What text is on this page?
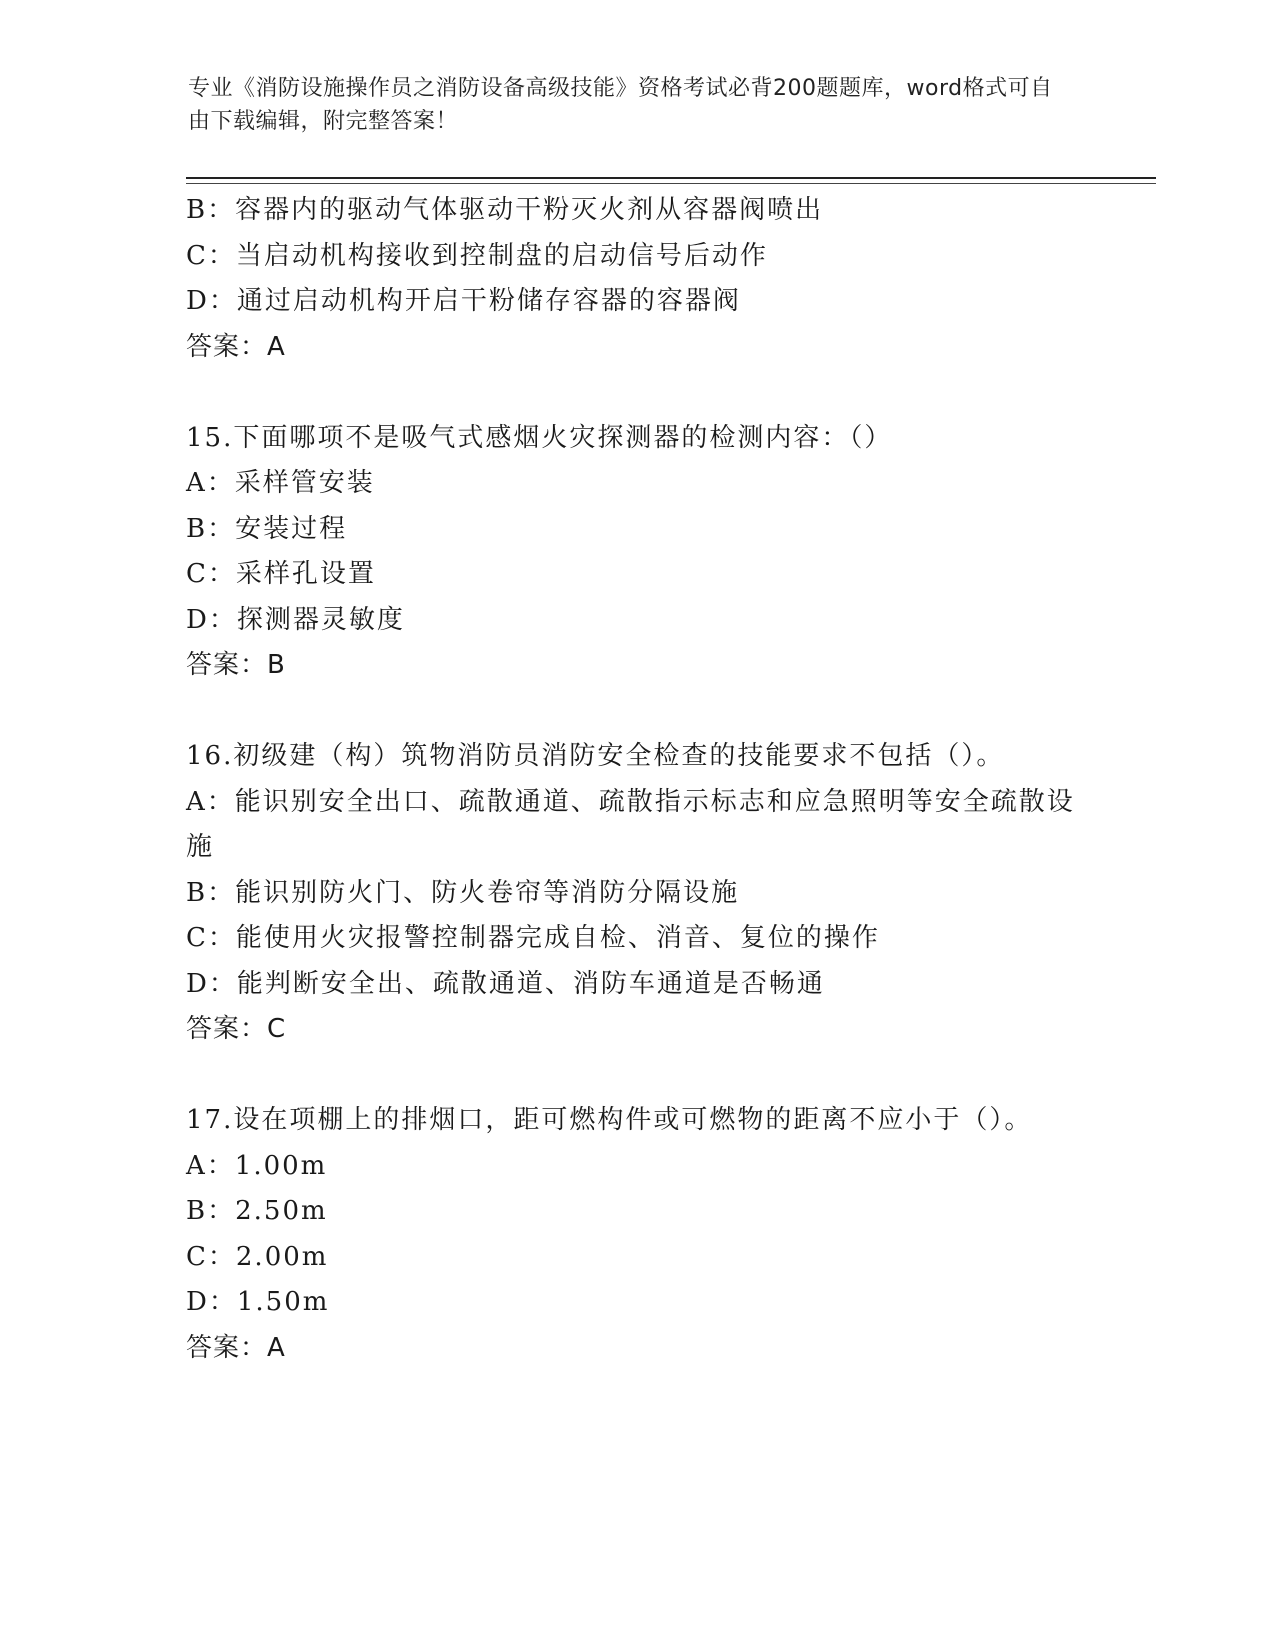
专业《消防设施操作员之消防设备高级技能》资格考试必背200题题库，word格式可自由下载编辑，附完整答案！
B：容器内的驱动气体驱动干粉灭火剂从容器阀喷出
C：当启动机构接收到控制盘的启动信号后动作
D：通过启动机构开启干粉储存容器的容器阀
答案：A
15.下面哪项不是吸气式感烟火灾探测器的检测内容：（）
A：采样管安装
B：安装过程
C：采样孔设置
D：探测器灵敏度
答案：B
16.初级建（构）筑物消防员消防安全检查的技能要求不包括（）。
A：能识别安全出口、疏散通道、疏散指示标志和应急照明等安全疏散设施
B：能识别防火门、防火卷帘等消防分隔设施
C：能使用火灾报警控制器完成自检、消音、复位的操作
D：能判断安全出、疏散通道、消防车通道是否畅通
答案：C
17.设在项棚上的排烟口，距可燃构件或可燃物的距离不应小于（）。
A：1.00m
B：2.50m
C：2.00m
D：1.50m
答案：A
